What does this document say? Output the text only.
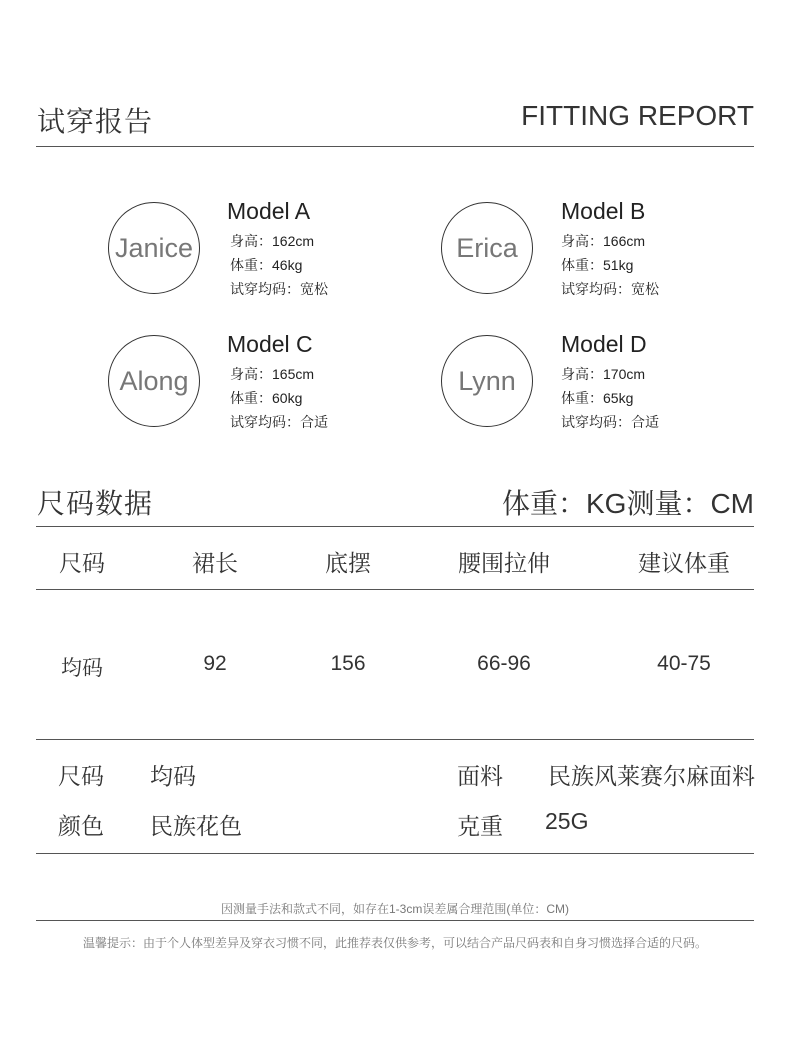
试穿报告	FITTING REPORT
Janice
Model A
身高：162cm
体重：46kg
试穿均码：宽松
Erica
Model B
身高：166cm
体重：51kg
试穿均码：宽松
Along
Model C
身高：165cm
体重：60kg
试穿均码：合适
Lynn
Model D
身高：170cm
体重：65kg
试穿均码：合适
尺码数据	体重：KG测量：CM
尺码	裙长	底摆	腰围拉伸	建议体重
均码	92	156	66-96	40-75
尺码 均码	面料 民族风莱赛尔麻面料
颜色 民族花色	克重 25G
因测量手法和款式不同，如存在1-3cm误差属合理范围(单位：CM)
温馨提示：由于个人体型差异及穿衣习惯不同，此推荐表仅供参考，可以结合产品尺码表和自身习惯选择合适的尺码。
